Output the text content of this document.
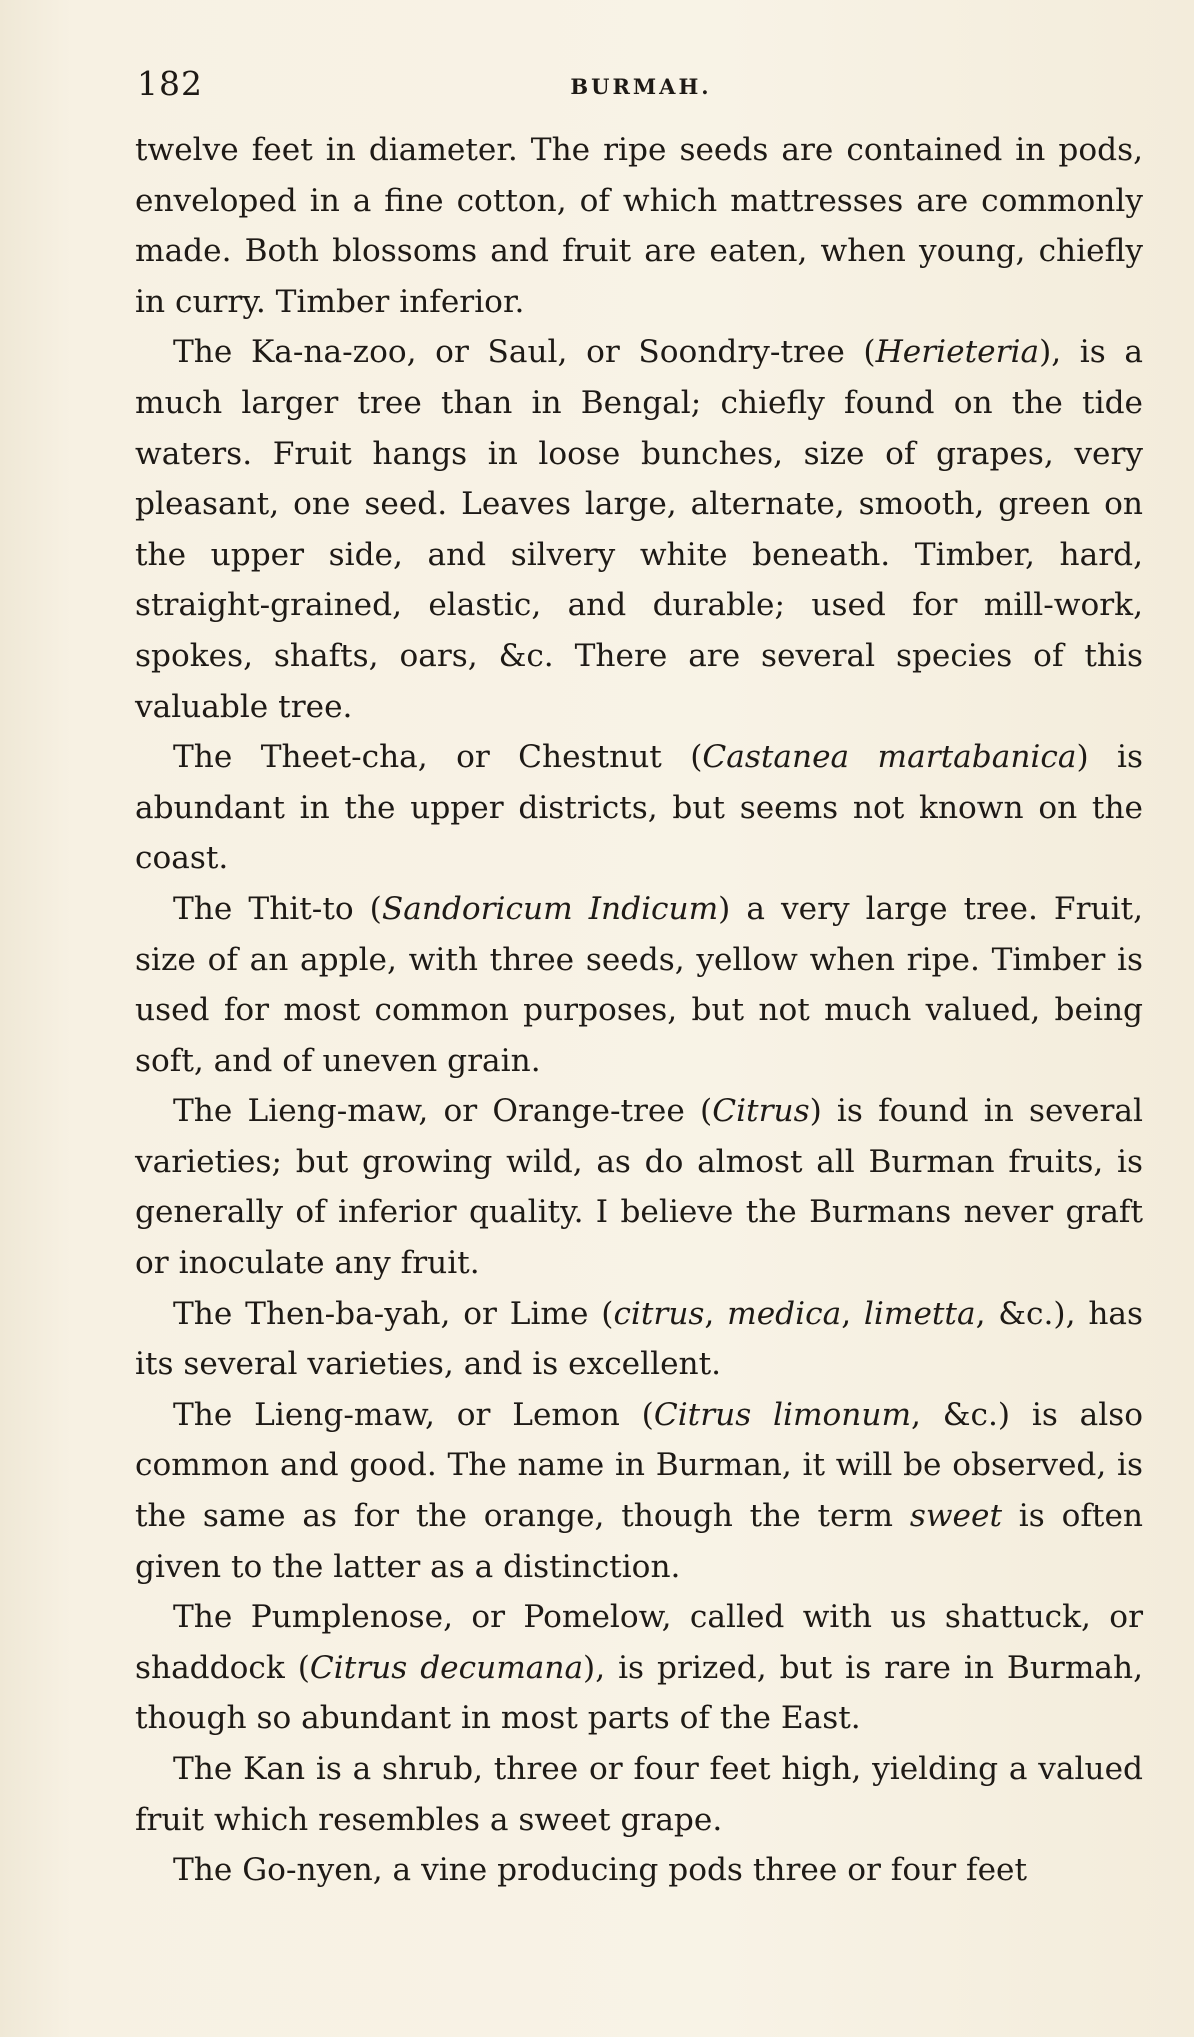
182	BURMAH.

twelve feet in diameter. The ripe seeds are contained in pods, enveloped in a fine cotton, of which mattresses are commonly made. Both blossoms and fruit are eaten, when young, chiefly in curry. Timber inferior.

The Ka-na-zoo, or Saul, or Soondry-tree (Herieteria), is a much larger tree than in Bengal; chiefly found on the tide waters. Fruit hangs in loose bunches, size of grapes, very pleasant, one seed. Leaves large, alternate, smooth, green on the upper side, and silvery white beneath. Timber, hard, straight-grained, elastic, and durable; used for mill-work, spokes, shafts, oars, &c. There are several species of this valuable tree.

The Theet-cha, or Chestnut (Castanea martabanica) is abundant in the upper districts, but seems not known on the coast.

The Thit-to (Sandoricum Indicum) a very large tree. Fruit, size of an apple, with three seeds, yellow when ripe. Timber is used for most common purposes, but not much valued, being soft, and of uneven grain.

The Lieng-maw, or Orange-tree (Citrus) is found in several varieties; but growing wild, as do almost all Burman fruits, is generally of inferior quality. I believe the Burmans never graft or inoculate any fruit.

The Then-ba-yah, or Lime (citrus, medica, limetta, &c.), has its several varieties, and is excellent.

The Lieng-maw, or Lemon (Citrus limonum, &c.) is also common and good. The name in Burman, it will be observed, is the same as for the orange, though the term sweet is often given to the latter as a distinction.

The Pumplenose, or Pomelow, called with us shattuck, or shaddock (Citrus decumana), is prized, but is rare in Burmah, though so abundant in most parts of the East.

The Kan is a shrub, three or four feet high, yielding a valued fruit which resembles a sweet grape.

The Go-nyen, a vine producing pods three or four feet
